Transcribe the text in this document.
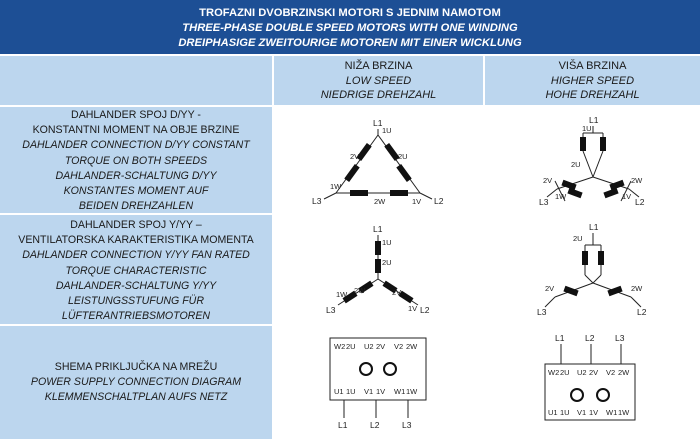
TROFAZNI DVOBRZINSKI MOTORI S JEDNIM NAMOTOM
THREE-PHASE DOUBLE SPEED MOTORS WITH ONE WINDING
DREIPHASIGE ZWEITOURIGE MOTOREN MIT EINER WICKLUNG
NIŽA BRZINA
LOW SPEED
NIEDRIGE DREHZAHL
VIŠA BRZINA
HIGHER SPEED
HOHE DREHZAHL
DAHLANDER SPOJ D/YY -
KONSTANTNI MOMENT NA OBJE BRZINE
DAHLANDER CONNECTION D/YY CONSTANT
TORQUE ON BOTH SPEEDS
DAHLANDER-SCHALTUNG D/YY
KONSTANTES MOMENT AUF
BEIDEN DREHZAHLEN
DAHLANDER SPOJ Y/YY –
VENTILATORSKA KARAKTERISTIKA MOMENTA
DAHLANDER CONNECTION Y/YY FAN RATED
TORQUE CHARACTERISTIC
DAHLANDER-SCHALTUNG Y/YY
LEISTUNGSSTUFUNG FÜR
LÜFTERANTRIEBSMOTOREN
SHEMA PRIKLJUČKA NA MREŽU
POWER SUPPLY CONNECTION DIAGRAM
KLEMMENSCHALTPLAN AUFS NETZ
L1
1U
2V	2U
1W
2W	1V
L3	L2
L1
1U
2U
2V	2W
1W	1V
L3	L2
L1
1U
2U
1W 2W	2V
1V
L3	L2
L1
2U
2V	2W
L3	L2
W2 2U U2 2V V2 2W
U1 1U V1 1V W1 1W
L1	L2	L3
L1 L2 L3
W2 2U U2 2V V2 2W
U1 1U V1 1V W1 1W
